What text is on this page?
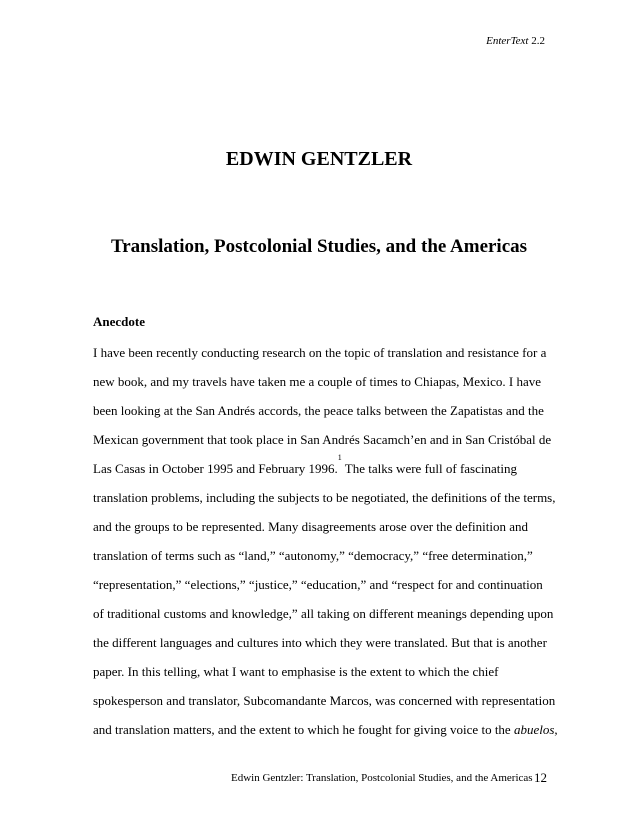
EnterText 2.2
EDWIN GENTZLER
Translation, Postcolonial Studies, and the Americas
Anecdote
I have been recently conducting research on the topic of translation and resistance for a
new book, and my travels have taken me a couple of times to Chiapas, Mexico. I have
been looking at the San Andrés accords, the peace talks between the Zapatistas and the
Mexican government that took place in San Andrés Sacamch’en and in San Cristóbal de
Las Casas in October 1995 and February 1996.$^1$ The talks were full of fascinating
translation problems, including the subjects to be negotiated, the definitions of the terms,
and the groups to be represented. Many disagreements arose over the definition and
translation of terms such as “land,” “autonomy,” “democracy,” “free determination,”
“representation,” “elections,” “justice,” “education,” and “respect for and continuation
of traditional customs and knowledge,” all taking on different meanings depending upon
the different languages and cultures into which they were translated. But that is another
paper. In this telling, what I want to emphasise is the extent to which the chief
spokesperson and translator, Subcomandante Marcos, was concerned with representation
and translation matters, and the extent to which he fought for giving voice to the abuelos,
Edwin Gentzler: Translation, Postcolonial Studies, and the Americas 12
